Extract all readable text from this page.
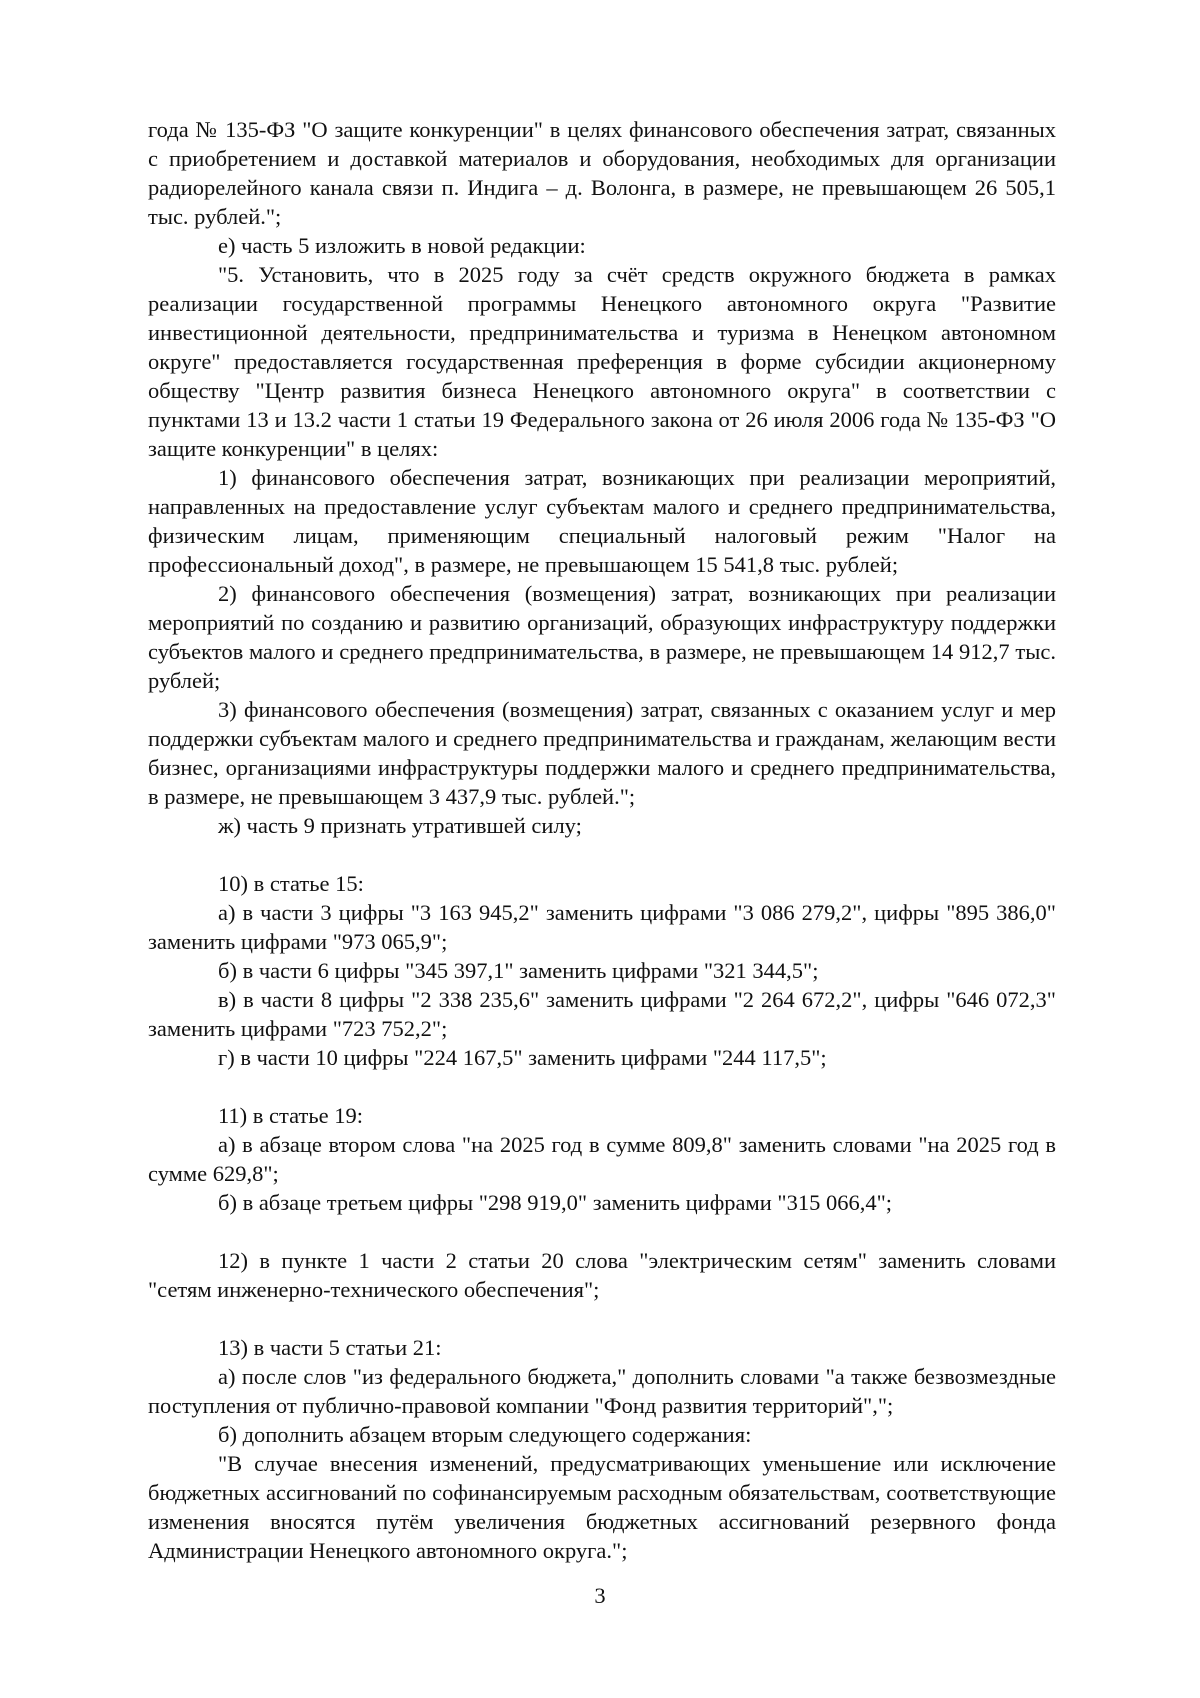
года № 135-ФЗ "О защите конкуренции" в целях финансового обеспечения затрат, связанных с приобретением и доставкой материалов и оборудования, необходимых для организации радиорелейного канала связи п. Индига – д. Волонга, в размере, не превышающем 26 505,1 тыс. рублей.";

е) часть 5 изложить в новой редакции:

"5. Установить, что в 2025 году за счёт средств окружного бюджета в рамках реализации государственной программы Ненецкого автономного округа "Развитие инвестиционной деятельности, предпринимательства и туризма в Ненецком автономном округе" предоставляется государственная преференция в форме субсидии акционерному обществу "Центр развития бизнеса Ненецкого автономного округа" в соответствии с пунктами 13 и 13.2 части 1 статьи 19 Федерального закона от 26 июля 2006 года № 135-ФЗ "О защите конкуренции" в целях:

1) финансового обеспечения затрат, возникающих при реализации мероприятий, направленных на предоставление услуг субъектам малого и среднего предпринимательства, физическим лицам, применяющим специальный налоговый режим "Налог на профессиональный доход", в размере, не превышающем 15 541,8 тыс. рублей;

2) финансового обеспечения (возмещения) затрат, возникающих при реализации мероприятий по созданию и развитию организаций, образующих инфраструктуру поддержки субъектов малого и среднего предпринимательства, в размере, не превышающем 14 912,7 тыс. рублей;

3) финансового обеспечения (возмещения) затрат, связанных с оказанием услуг и мер поддержки субъектам малого и среднего предпринимательства и гражданам, желающим вести бизнес, организациями инфраструктуры поддержки малого и среднего предпринимательства, в размере, не превышающем 3 437,9 тыс. рублей.";

ж) часть 9 признать утратившей силу;

10) в статье 15:

а) в части 3 цифры "3 163 945,2" заменить цифрами "3 086 279,2", цифры "895 386,0" заменить цифрами "973 065,9";

б) в части 6 цифры "345 397,1" заменить цифрами "321 344,5";

в) в части 8 цифры "2 338 235,6" заменить цифрами "2 264 672,2", цифры "646 072,3" заменить цифрами "723 752,2";

г) в части 10 цифры "224 167,5" заменить цифрами "244 117,5";

11) в статье 19:

а) в абзаце втором слова "на 2025 год в сумме 809,8" заменить словами "на 2025 год в сумме 629,8";

б) в абзаце третьем цифры "298 919,0" заменить цифрами "315 066,4";

12) в пункте 1 части 2 статьи 20 слова "электрическим сетям" заменить словами "сетям инженерно-технического обеспечения";

13) в части 5 статьи 21:

а) после слов "из федерального бюджета," дополнить словами "а также безвозмездные поступления от публично-правовой компании "Фонд развития территорий",";

б) дополнить абзацем вторым следующего содержания:

"В случае внесения изменений, предусматривающих уменьшение или исключение бюджетных ассигнований по софинансируемым расходным обязательствам, соответствующие изменения вносятся путём увеличения бюджетных ассигнований резервного фонда Администрации Ненецкого автономного округа.";

3
